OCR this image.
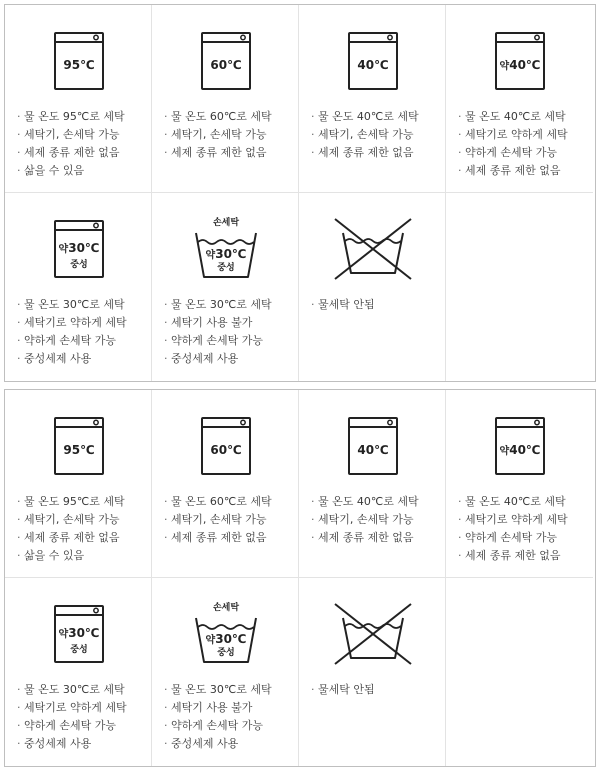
95℃
· 물 온도 95℃로 세탁
· 세탁기, 손세탁 가능
· 세제 종류 제한 없음
· 삶을 수 있음
60℃
· 물 온도 60℃로 세탁
· 세탁기, 손세탁 가능
· 세제 종류 제한 없음
40℃
· 물 온도 40℃로 세탁
· 세탁기, 손세탁 가능
· 세제 종류 제한 없음
약40℃
· 물 온도 40℃로 세탁
· 세탁기로 약하게 세탁
· 약하게 손세탁 가능
· 세제 종류 제한 없음
약30℃
중성
· 물 온도 30℃로 세탁
· 세탁기로 약하게 세탁
· 약하게 손세탁 가능
· 중성세제 사용
손세탁
약30℃
중성
· 물 온도 30℃로 세탁
· 세탁기 사용 불가
· 약하게 손세탁 가능
· 중성세제 사용
· 물세탁 안됨
95℃
· 물 온도 95℃로 세탁
· 세탁기, 손세탁 가능
· 세제 종류 제한 없음
· 삶을 수 있음
60℃
· 물 온도 60℃로 세탁
· 세탁기, 손세탁 가능
· 세제 종류 제한 없음
40℃
· 물 온도 40℃로 세탁
· 세탁기, 손세탁 가능
· 세제 종류 제한 없음
약40℃
· 물 온도 40℃로 세탁
· 세탁기로 약하게 세탁
· 약하게 손세탁 가능
· 세제 종류 제한 없음
약30℃
중성
· 물 온도 30℃로 세탁
· 세탁기로 약하게 세탁
· 약하게 손세탁 가능
· 중성세제 사용
손세탁
약30℃
중성
· 물 온도 30℃로 세탁
· 세탁기 사용 불가
· 약하게 손세탁 가능
· 중성세제 사용
· 물세탁 안됨
